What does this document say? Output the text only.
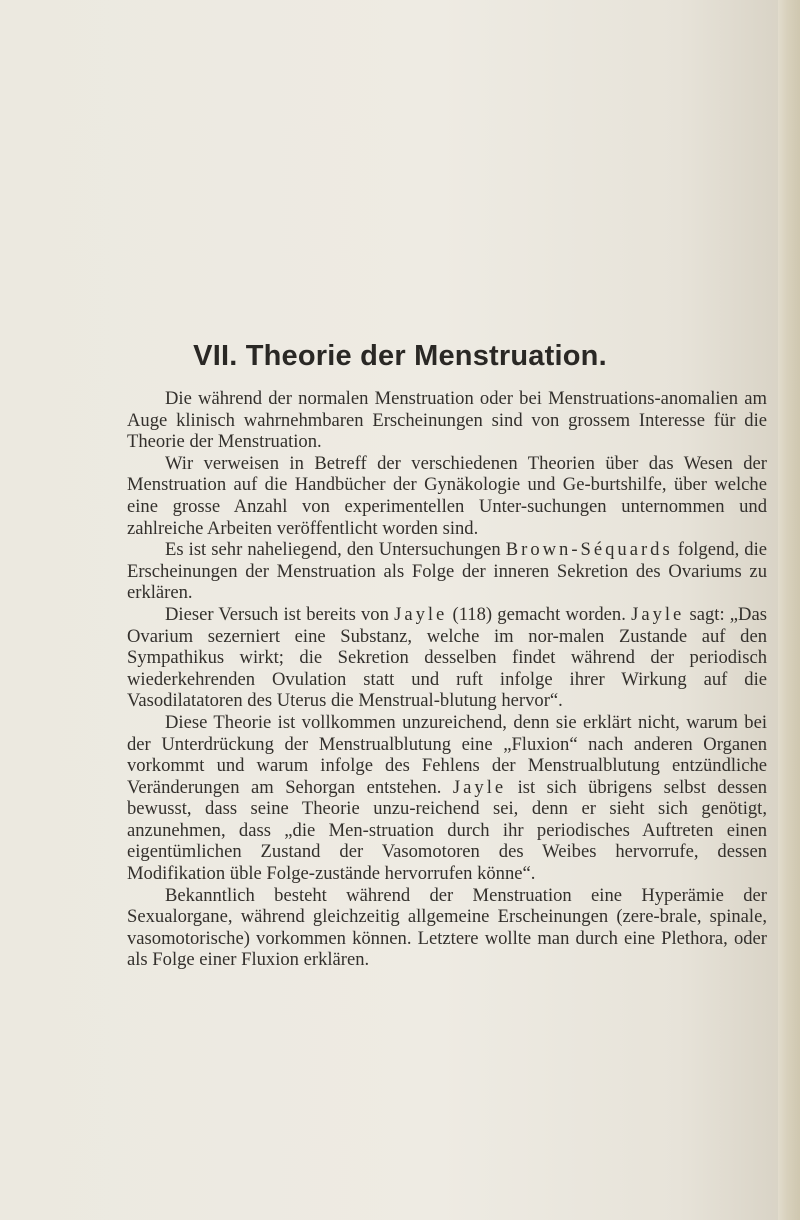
VII. Theorie der Menstruation.

Die während der normalen Menstruation oder bei Menstruations-anomalien am Auge klinisch wahrnehmbaren Erscheinungen sind von grossem Interesse für die Theorie der Menstruation.

Wir verweisen in Betreff der verschiedenen Theorien über das Wesen der Menstruation auf die Handbücher der Gynäkologie und Ge-burtshilfe, über welche eine grosse Anzahl von experimentellen Unter-suchungen unternommen und zahlreiche Arbeiten veröffentlicht worden sind.

Es ist sehr naheliegend, den Untersuchungen Brown-Séquards folgend, die Erscheinungen der Menstruation als Folge der inneren Sekretion des Ovariums zu erklären.

Dieser Versuch ist bereits von Jayle (118) gemacht worden. Jayle sagt: „Das Ovarium sezerniert eine Substanz, welche im nor-malen Zustande auf den Sympathikus wirkt; die Sekretion desselben findet während der periodisch wiederkehrenden Ovulation statt und ruft infolge ihrer Wirkung auf die Vasodilatatoren des Uterus die Menstrual-blutung hervor“.

Diese Theorie ist vollkommen unzureichend, denn sie erklärt nicht, warum bei der Unterdrückung der Menstrualblutung eine „Fluxion“ nach anderen Organen vorkommt und warum infolge des Fehlens der Menstrualblutung entzündliche Veränderungen am Sehorgan entstehen. Jayle ist sich übrigens selbst dessen bewusst, dass seine Theorie unzu-reichend sei, denn er sieht sich genötigt, anzunehmen, dass „die Men-struation durch ihr periodisches Auftreten einen eigentümlichen Zustand der Vasomotoren des Weibes hervorrufe, dessen Modifikation üble Folge-zustände hervorrufen könne“.

Bekanntlich besteht während der Menstruation eine Hyperämie der Sexualorgane, während gleichzeitig allgemeine Erscheinungen (zere-brale, spinale, vasomotorische) vorkommen können. Letztere wollte man durch eine Plethora, oder als Folge einer Fluxion erklären.
